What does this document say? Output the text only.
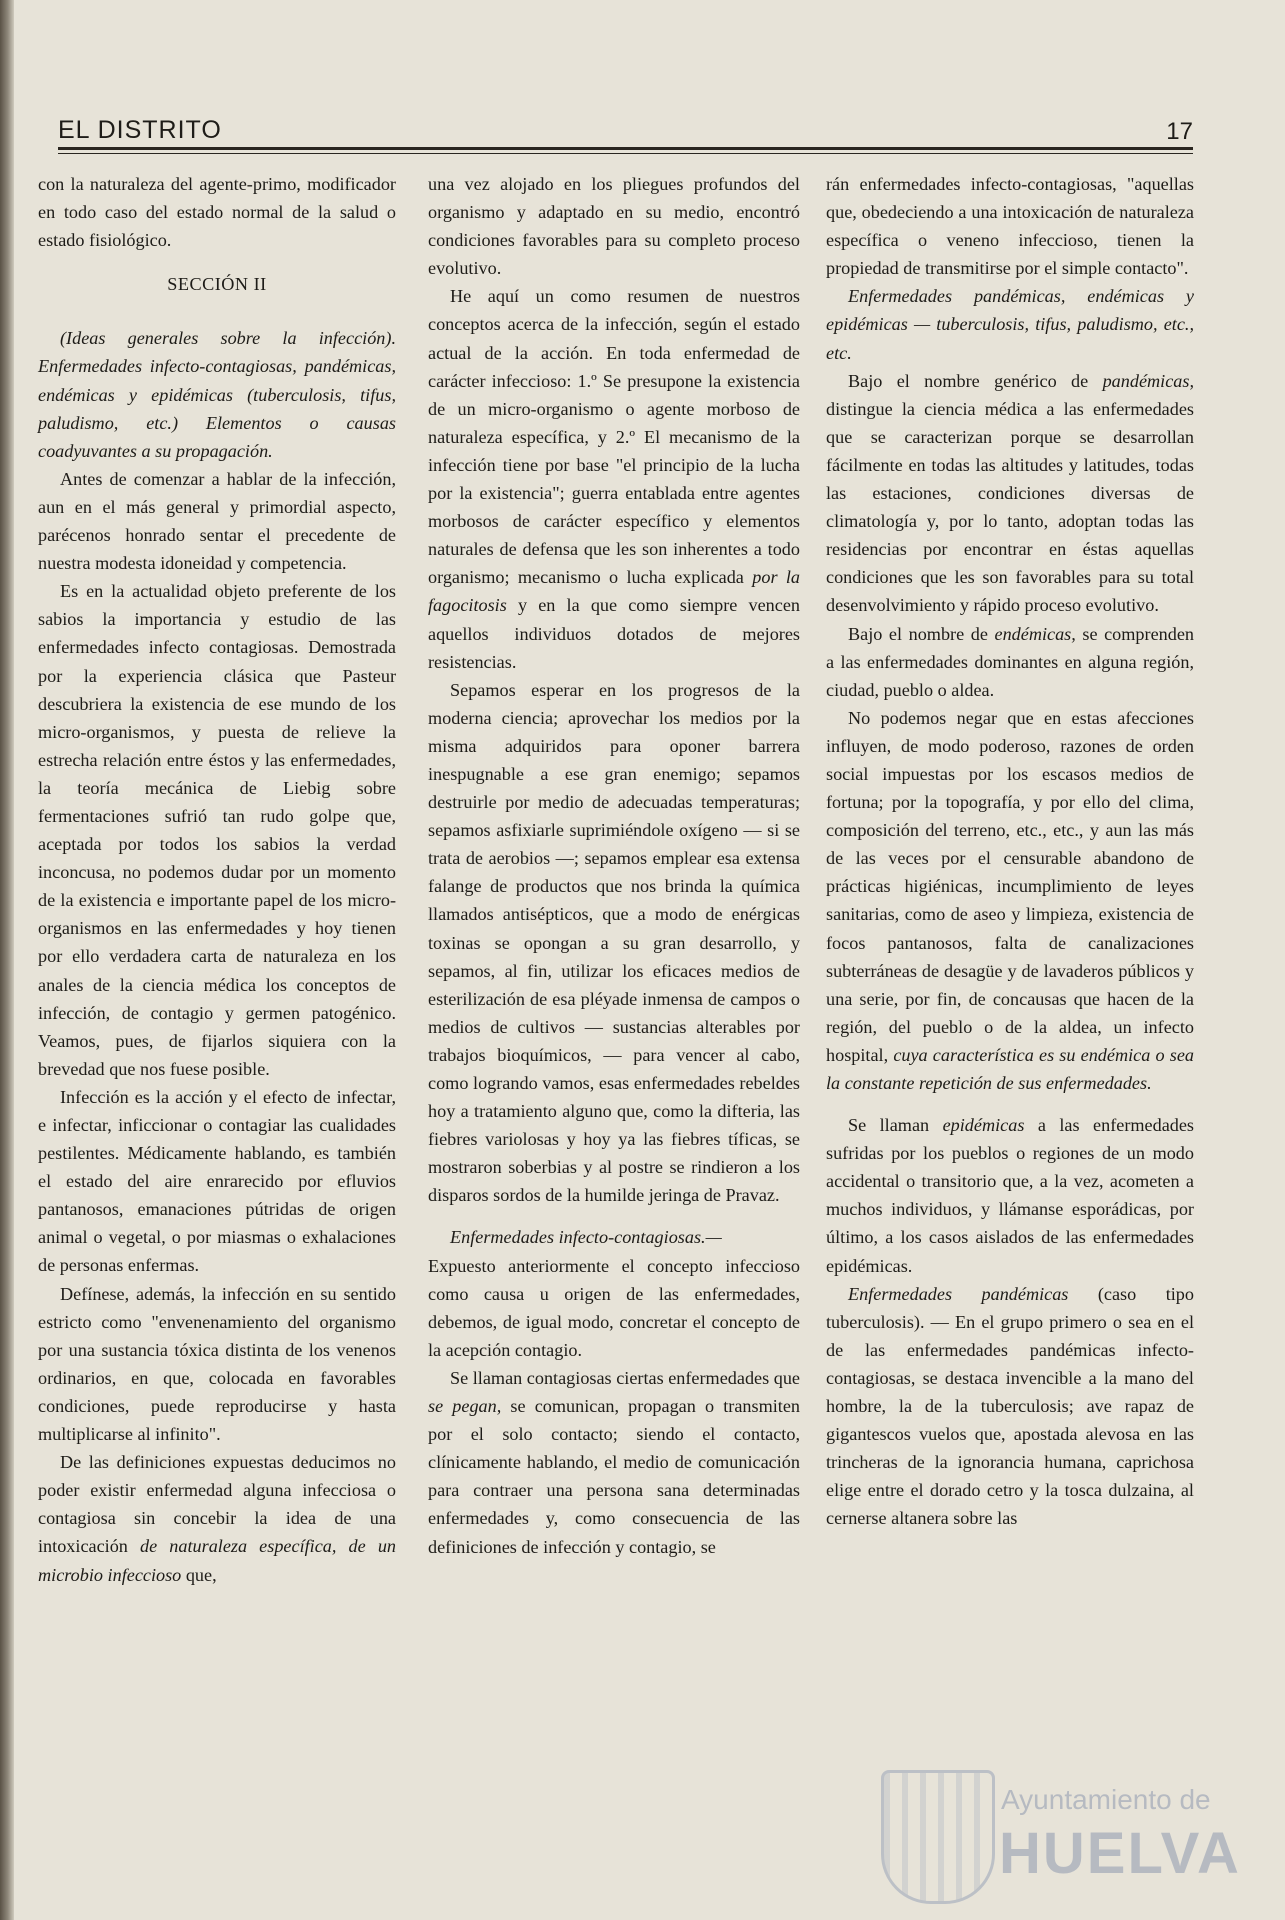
EL DISTRITO	17

con la naturaleza del agente-primo, modificador en todo caso del estado normal de la salud o estado fisiológico.

SECCIÓN II

(Ideas generales sobre la infección). Enfermedades infecto-contagiosas, pandémicas, endémicas y epidémicas (tuberculosis, tifus, paludismo, etc.) Elementos o causas coadyuvantes a su propagación.

Antes de comenzar a hablar de la infección, aun en el más general y primordial aspecto, parécenos honrado sentar el precedente de nuestra modesta idoneidad y competencia.

Es en la actualidad objeto preferente de los sabios la importancia y estudio de las enfermedades infecto contagiosas. Demostrada por la experiencia clásica que Pasteur descubriera la existencia de ese mundo de los micro-organismos, y puesta de relieve la estrecha relación entre éstos y las enfermedades, la teoría mecánica de Liebig sobre fermentaciones sufrió tan rudo golpe que, aceptada por todos los sabios la verdad inconcusa, no podemos dudar por un momento de la existencia e importante papel de los micro-organismos en las enfermedades y hoy tienen por ello verdadera carta de naturaleza en los anales de la ciencia médica los conceptos de infección, de contagio y germen patogénico. Veamos, pues, de fijarlos siquiera con la brevedad que nos fuese posible.

Infección es la acción y el efecto de infectar, e infectar, inficcionar o contagiar las cualidades pestilentes. Médicamente hablando, es también el estado del aire enrarecido por efluvios pantanosos, emanaciones pútridas de origen animal o vegetal, o por miasmas o exhalaciones de personas enfermas.

Defínese, además, la infección en su sentido estricto como "envenenamiento del organismo por una sustancia tóxica distinta de los venenos ordinarios, en que, colocada en favorables condiciones, puede reproducirse y hasta multiplicarse al infinito".

De las definiciones expuestas deducimos no poder existir enfermedad alguna infecciosa o contagiosa sin concebir la idea de una intoxicación de naturaleza específica, de un microbio infeccioso que,

una vez alojado en los pliegues profundos del organismo y adaptado en su medio, encontró condiciones favorables para su completo proceso evolutivo.

He aquí un como resumen de nuestros conceptos acerca de la infección, según el estado actual de la acción. En toda enfermedad de carácter infeccioso: 1.º Se presupone la existencia de un micro-organismo o agente morboso de naturaleza específica, y 2.º El mecanismo de la infección tiene por base "el principio de la lucha por la existencia"; guerra entablada entre agentes morbosos de carácter específico y elementos naturales de defensa que les son inherentes a todo organismo; mecanismo o lucha explicada por la fagocitosis y en la que como siempre vencen aquellos individuos dotados de mejores resistencias.

Sepamos esperar en los progresos de la moderna ciencia; aprovechar los medios por la misma adquiridos para oponer barrera inespugnable a ese gran enemigo; sepamos destruirle por medio de adecuadas temperaturas; sepamos asfixiarle suprimiéndole oxígeno — si se trata de aerobios —; sepamos emplear esa extensa falange de productos que nos brinda la química llamados antisépticos, que a modo de enérgicas toxinas se opongan a su gran desarrollo, y sepamos, al fin, utilizar los eficaces medios de esterilización de esa pléyade inmensa de campos o medios de cultivos — sustancias alterables por trabajos bioquímicos, — para vencer al cabo, como logrando vamos, esas enfermedades rebeldes hoy a tratamiento alguno que, como la difteria, las fiebres variolosas y hoy ya las fiebres tíficas, se mostraron soberbias y al postre se rindieron a los disparos sordos de la humilde jeringa de Pravaz.

Enfermedades infecto-contagiosas.—

Expuesto anteriormente el concepto infeccioso como causa u origen de las enfermedades, debemos, de igual modo, concretar el concepto de la acepción contagio.

Se llaman contagiosas ciertas enfermedades que se pegan, se comunican, propagan o transmiten por el solo contacto; siendo el contacto, clínicamente hablando, el medio de comunicación para contraer una persona sana determinadas enfermedades y, como consecuencia de las definiciones de infección y contagio, se

rán enfermedades infecto-contagiosas, "aquellas que, obedeciendo a una intoxicación de naturaleza específica o veneno infeccioso, tienen la propiedad de transmitirse por el simple contacto".

Enfermedades pandémicas, endémicas y epidémicas — tuberculosis, tifus, paludismo, etc., etc.

Bajo el nombre genérico de pandémicas, distingue la ciencia médica a las enfermedades que se caracterizan porque se desarrollan fácilmente en todas las altitudes y latitudes, todas las estaciones, condiciones diversas de climatología y, por lo tanto, adoptan todas las residencias por encontrar en éstas aquellas condiciones que les son favorables para su total desenvolvimiento y rápido proceso evolutivo.

Bajo el nombre de endémicas, se comprenden a las enfermedades dominantes en alguna región, ciudad, pueblo o aldea.

No podemos negar que en estas afecciones influyen, de modo poderoso, razones de orden social impuestas por los escasos medios de fortuna; por la topografía, y por ello del clima, composición del terreno, etc., etc., y aun las más de las veces por el censurable abandono de prácticas higiénicas, incumplimiento de leyes sanitarias, como de aseo y limpieza, existencia de focos pantanosos, falta de canalizaciones subterráneas de desagüe y de lavaderos públicos y una serie, por fin, de concausas que hacen de la región, del pueblo o de la aldea, un infecto hospital, cuya característica es su endémica o sea la constante repetición de sus enfermedades.

Se llaman epidémicas a las enfermedades sufridas por los pueblos o regiones de un modo accidental o transitorio que, a la vez, acometen a muchos individuos, y llámanse esporádicas, por último, a los casos aislados de las enfermedades epidémicas.

Enfermedades pandémicas (caso tipo tuberculosis). — En el grupo primero o sea en el de las enfermedades pandémicas infecto-contagiosas, se destaca invencible a la mano del hombre, la de la tuberculosis; ave rapaz de gigantescos vuelos que, apostada alevosa en las trincheras de la ignorancia humana, caprichosa elige entre el dorado cetro y la tosca dulzaina, al cernerse altanera sobre las

Ayuntamiento de
HUELVA
